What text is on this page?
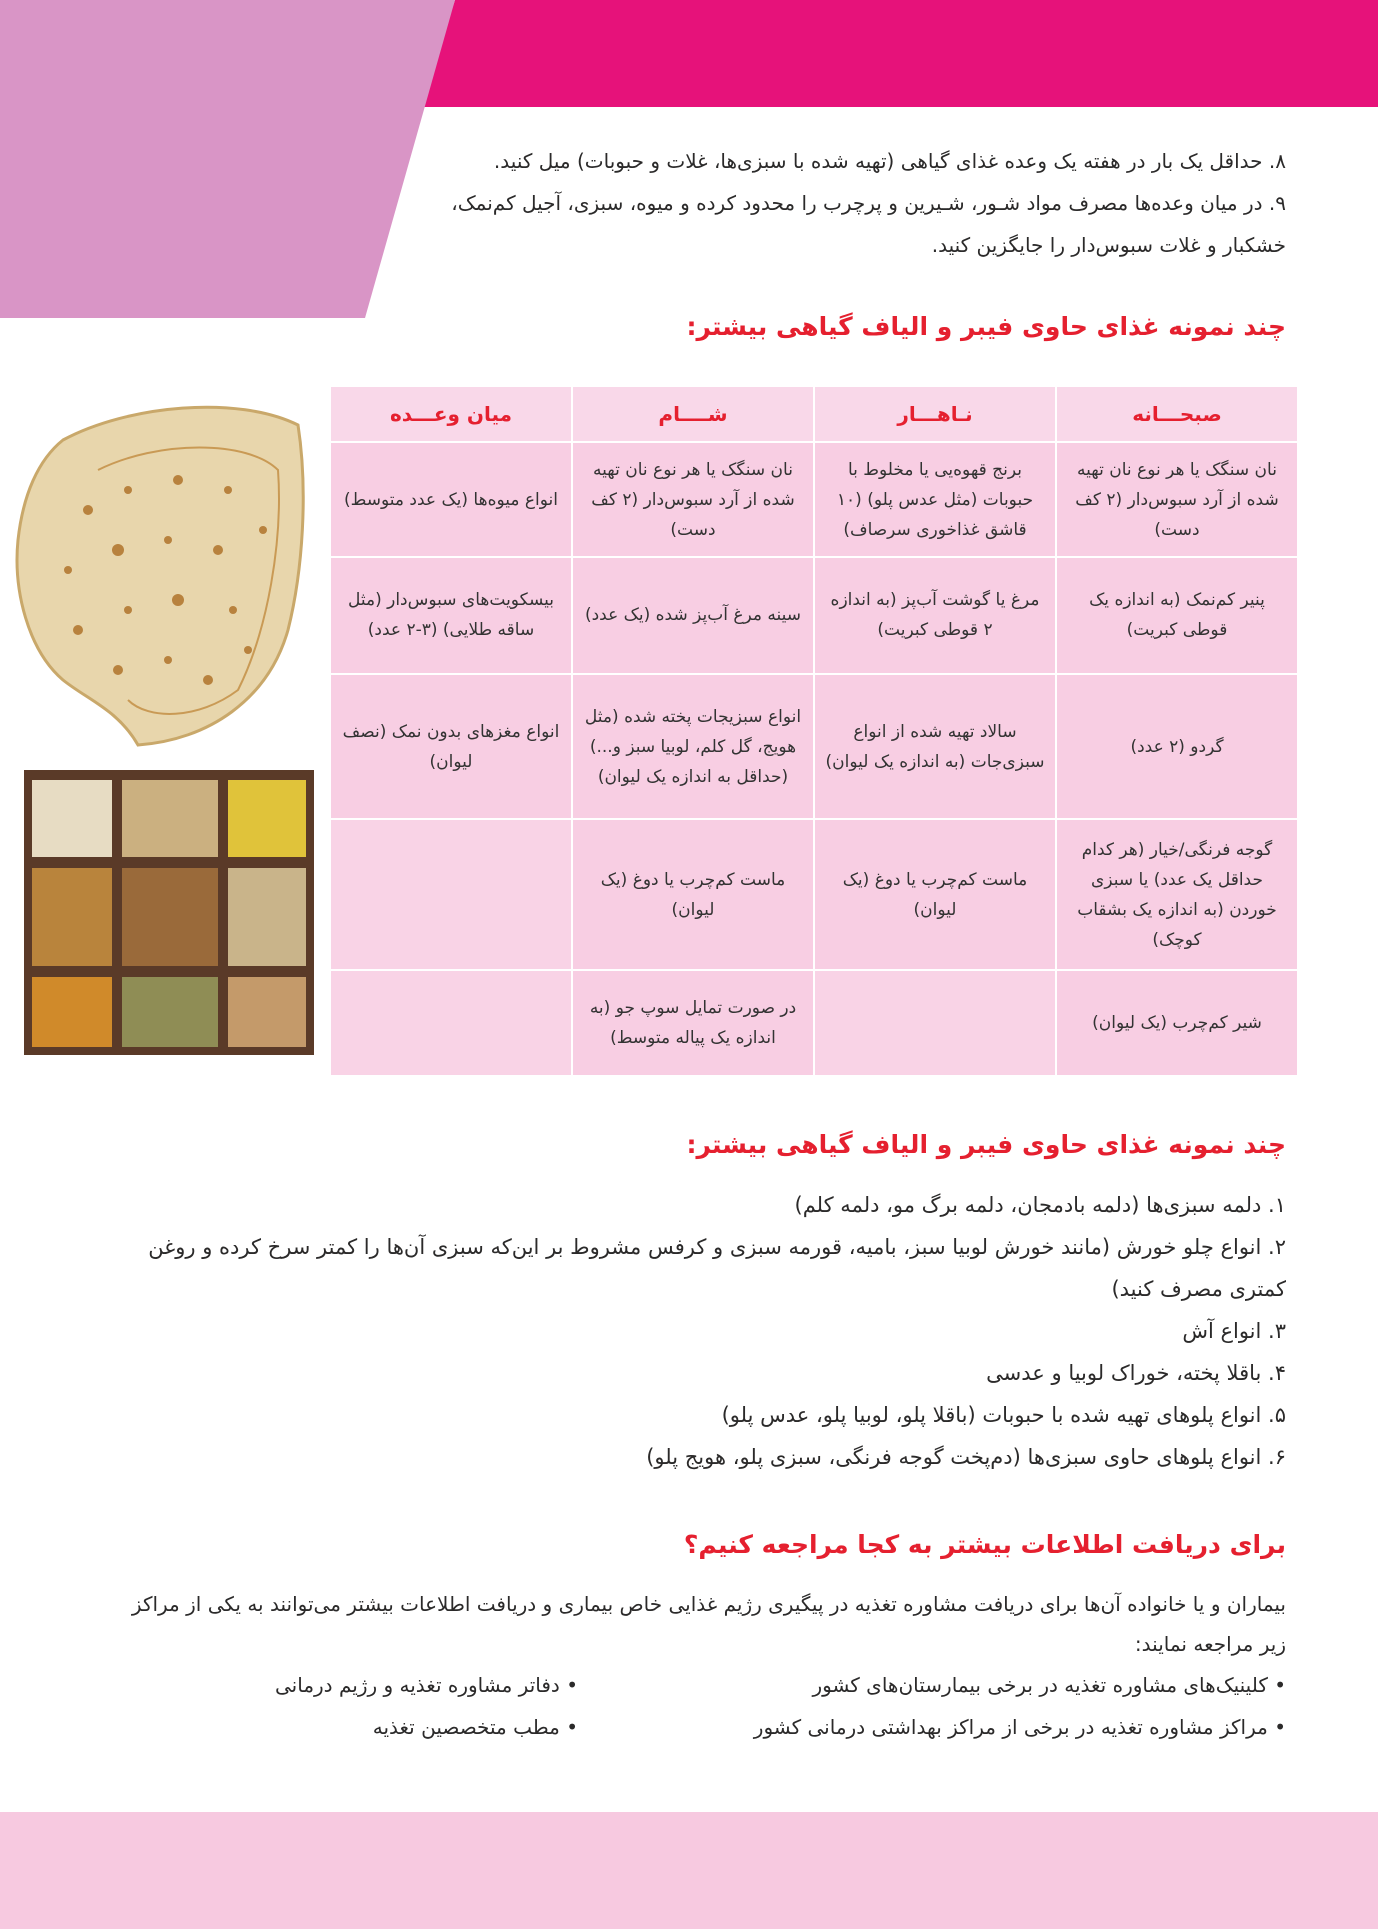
۸. حداقل یک بار در هفته یک وعده غذای گیاهی (تهیه شده با سبزی‌ها، غلات و حبوبات) میل کنید.

۹. در میان وعده‌ها مصرف مواد شـور، شـیرین و پرچرب را محدود کرده و میوه، سبزی، آجیل کم‌نمک، خشکبار و غلات سبوس‌دار را جایگزین کنید.

چند نمونه غذای حاوی فیبر و الیاف گیاهی بیشتر:
صبحـــانه	نـاهـــار	شــــام	میان وعـــده
نان سنگک یا هر نوع نان تهیه شده از آرد سبوس‌دار (۲ کف دست)	برنج قهوه‌یی یا مخلوط با حبوبات (مثل عدس پلو) (۱۰ قاشق غذاخوری سرصاف)	نان سنگک یا هر نوع نان تهیه شده از آرد سبوس‌دار (۲ کف دست)	انواع میوه‌ها (یک عدد متوسط)
پنیر کم‌نمک (به اندازه یک قوطی کبریت)	مرغ یا گوشت آب‌پز (به اندازه ۲ قوطی کبریت)	سینه مرغ آب‌پز شده (یک عدد)	بیسکویت‌های سبوس‌دار (مثل ساقه طلایی) (۳-۲ عدد)
گردو (۲ عدد)	سالاد تهیه شده از انواع سبزی‌جات (به اندازه یک لیوان)	انواع سبزیجات پخته شده (مثل هویج، گل کلم، لوبیا سبز و...) (حداقل به اندازه یک لیوان)	انواع مغزهای بدون نمک (نصف لیوان)
گوجه فرنگی/خیار (هر کدام حداقل یک عدد) یا سبزی خوردن (به اندازه یک بشقاب کوچک)	ماست کم‌چرب یا دوغ (یک لیوان)	ماست کم‌چرب یا دوغ (یک لیوان)	
شیر کم‌چرب (یک لیوان)		در صورت تمایل سوپ جو (به اندازه یک پیاله متوسط)	
چند نمونه غذای حاوی فیبر و الیاف گیاهی بیشتر:

۱. دلمه سبزی‌ها (دلمه بادمجان، دلمه برگ مو، دلمه کلم)

۲. انواع چلو خورش (مانند خورش لوبیا سبز، بامیه، قورمه سبزی و کرفس مشروط بر این‌که سبزی آن‌ها را کمتر سرخ کرده و روغن کمتری مصرف کنید)

۳. انواع آش

۴. باقلا پخته، خوراک لوبیا و عدسی

۵. انواع پلوهای تهیه شده با حبوبات (باقلا پلو، لوبیا پلو، عدس پلو)

۶. انواع پلوهای حاوی سبزی‌ها (دم‌پخت گوجه فرنگی، سبزی پلو، هویج پلو)

برای دریافت اطلاعات بیشتر به کجا مراجعه کنیم؟

بیماران و یا خانواده آن‌ها برای دریافت مشاوره تغذیه در پیگیری رژیم غذایی خاص بیماری و دریافت اطلاعات بیشتر می‌توانند به یکی از مراکز زیر مراجعه نمایند:

• کلینیک‌های مشاوره تغذیه در برخی بیمارستان‌های کشور
• مراکز مشاوره تغذیه در برخی از مراکز بهداشتی درمانی کشور
• دفاتر مشاوره تغذیه و رژیم درمانی
• مطب متخصصین تغذیه
